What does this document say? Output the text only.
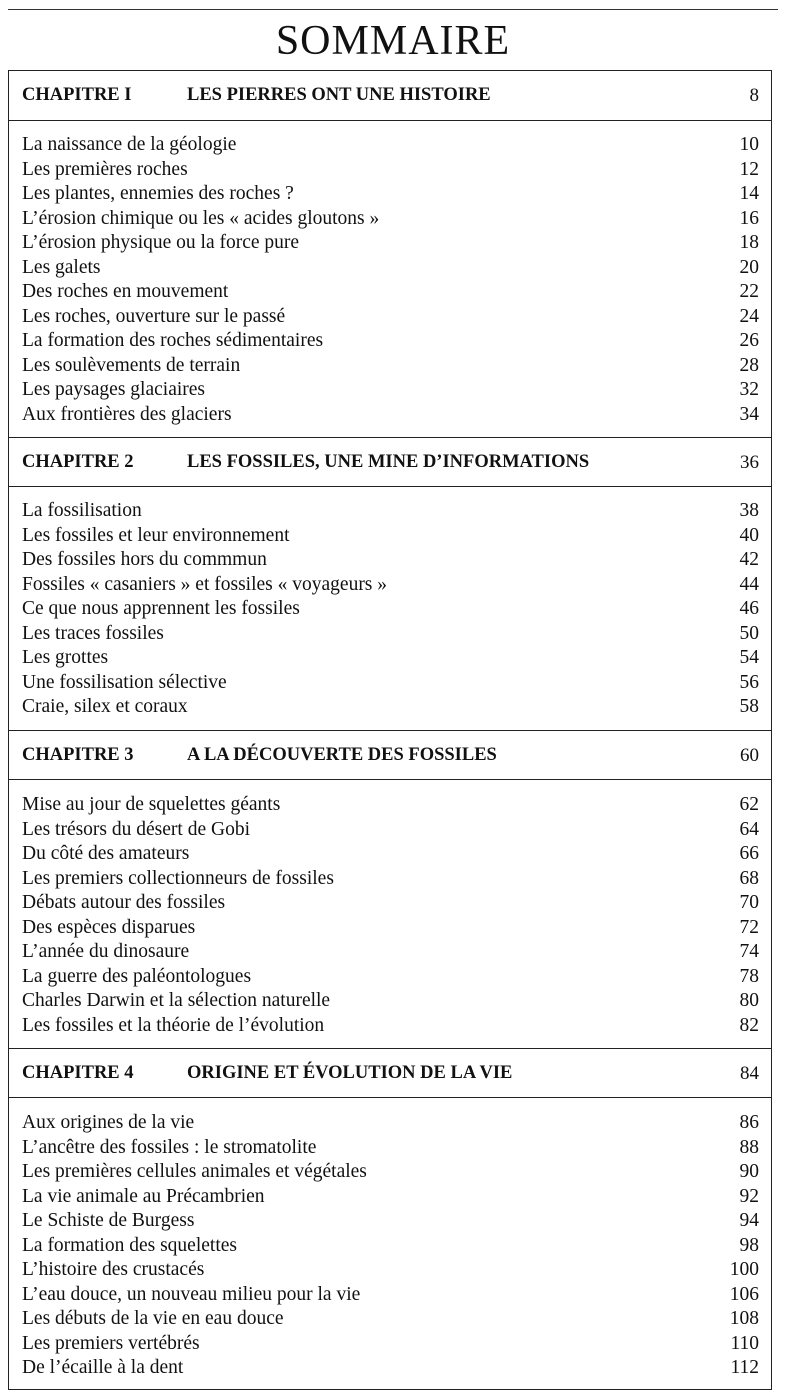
SOMMAIRE
CHAPITRE I	LES PIERRES ONT UNE HISTOIRE	8
La naissance de la géologie	10
Les premières roches	12
Les plantes, ennemies des roches ?	14
L’érosion chimique ou les « acides gloutons »	16
L’érosion physique ou la force pure	18
Les galets	20
Des roches en mouvement	22
Les roches, ouverture sur le passé	24
La formation des roches sédimentaires	26
Les soulèvements de terrain	28
Les paysages glaciaires	32
Aux frontières des glaciers	34
CHAPITRE 2	LES FOSSILES, UNE MINE D’INFORMATIONS	36
La fossilisation	38
Les fossiles et leur environnement	40
Des fossiles hors du commmun	42
Fossiles « casaniers » et fossiles « voyageurs »	44
Ce que nous apprennent les fossiles	46
Les traces fossiles	50
Les grottes	54
Une fossilisation sélective	56
Craie, silex et coraux	58
CHAPITRE 3	A LA DÉCOUVERTE DES FOSSILES	60
Mise au jour de squelettes géants	62
Les trésors du désert de Gobi	64
Du côté des amateurs	66
Les premiers collectionneurs de fossiles	68
Débats autour des fossiles	70
Des espèces disparues	72
L’année du dinosaure	74
La guerre des paléontologues	78
Charles Darwin et la sélection naturelle	80
Les fossiles et la théorie de l’évolution	82
CHAPITRE 4	ORIGINE ET ÉVOLUTION DE LA VIE	84
Aux origines de la vie	86
L’ancêtre des fossiles : le stromatolite	88
Les premières cellules animales et végétales	90
La vie animale au Précambrien	92
Le Schiste de Burgess	94
La formation des squelettes	98
L’histoire des crustacés	100
L’eau douce, un nouveau milieu pour la vie	106
Les débuts de la vie en eau douce	108
Les premiers vertébrés	110
De l’écaille à la dent	112
